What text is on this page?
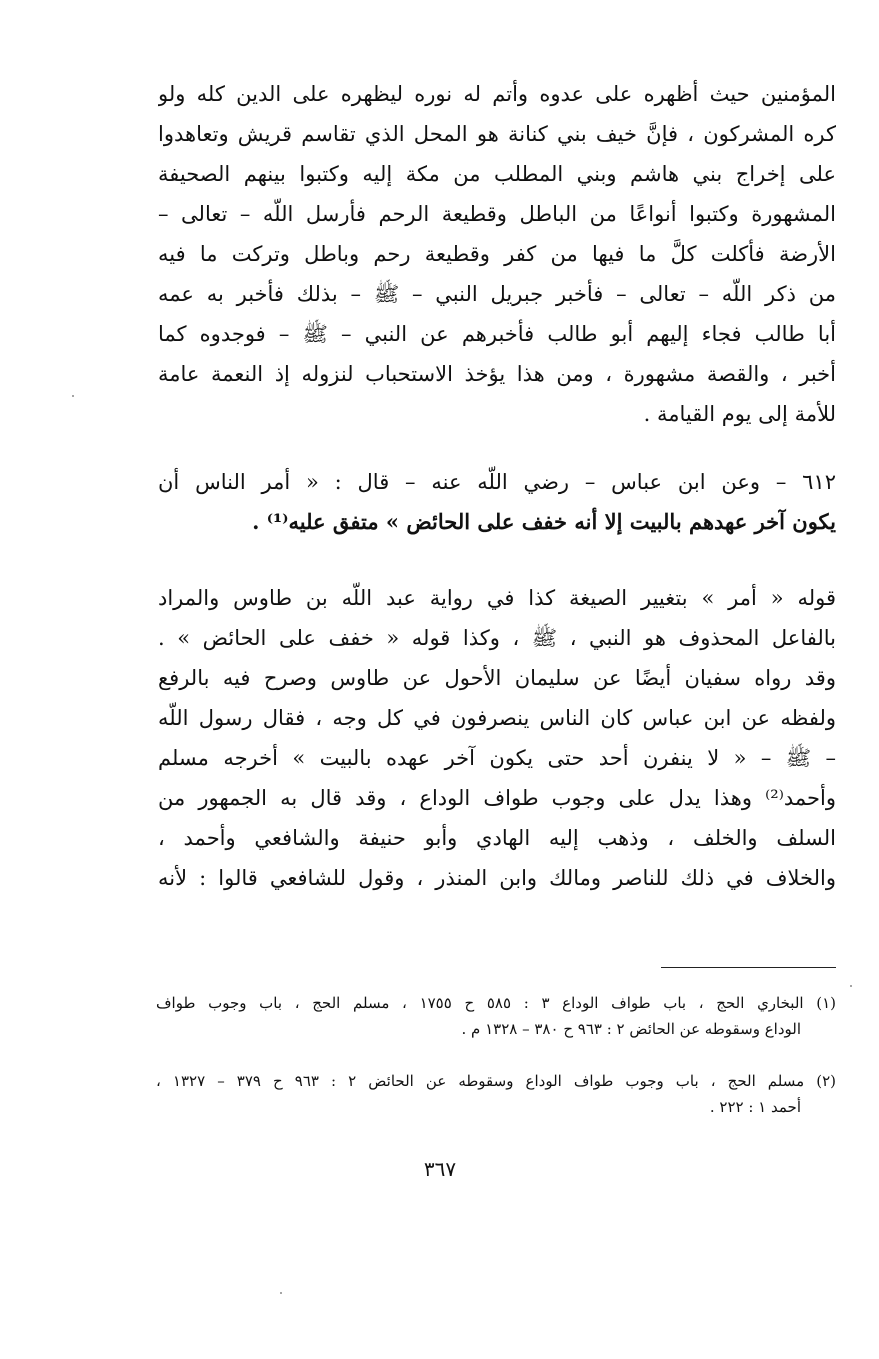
المؤمنين حيث أظهره على عدوه وأتم له نوره ليظهره على الدين كله ولو
كره المشركون ، فإنَّ خيف بني كنانة هو المحل الذي تقاسم قريش وتعاهدوا
على إخراج بني هاشم وبني المطلب من مكة إليه وكتبوا بينهم الصحيفة
المشهورة وكتبوا أنواعًا من الباطل وقطيعة الرحم فأرسل اللّه – تعالى –
الأرضة فأكلت كلَّ ما فيها من كفر وقطيعة رحم وباطل وتركت ما فيه
من ذكر اللّه – تعالى – فأخبر جبريل النبي – ﷺ – بذلك فأخبر به عمه
أبا طالب فجاء إليهم أبو طالب فأخبرهم عن النبي – ﷺ – فوجدوه كما
أخبر ، والقصة مشهورة ، ومن هذا يؤخذ الاستحباب لنزوله إذ النعمة عامة
للأمة إلى يوم القيامة .
٦١٢ – وعن ابن عباس – رضي اللّه عنه – قال : « أمر الناس أن
يكون آخر عهدهم بالبيت إلا أنه خفف على الحائض » متفق عليه⁽¹⁾ .
قوله « أمر » بتغيير الصيغة كذا في رواية عبد اللّه بن طاوس والمراد
بالفاعل المحذوف هو النبي ، ﷺ ، وكذا قوله « خفف على الحائض » .
وقد رواه سفيان أيضًا عن سليمان الأحول عن طاوس وصرح فيه بالرفع
ولفظه عن ابن عباس كان الناس ينصرفون في كل وجه ، فقال رسول اللّه
– ﷺ – « لا ينفرن أحد حتى يكون آخر عهده بالبيت » أخرجه مسلم
وأحمد⁽²⁾ وهذا يدل على وجوب طواف الوداع ، وقد قال به الجمهور من
السلف والخلف ، وذهب إليه الهادي وأبو حنيفة والشافعي وأحمد ،
والخلاف في ذلك للناصر ومالك وابن المنذر ، وقول للشافعي قالوا : لأنه
(١) البخاري الحج ، باب طواف الوداع ٣ : ٥٨٥ ح ١٧٥٥ ، مسلم الحج ، باب وجوب طواف
الوداع وسقوطه عن الحائض ٢ : ٩٦٣ ح ٣٨٠ – ١٣٢٨ م .
(٢) مسلم الحج ، باب وجوب طواف الوداع وسقوطه عن الحائض ٢ : ٩٦٣ ح ٣٧٩ – ١٣٢٧ ،
أحمد ١ : ٢٢٢ .
٣٦٧
